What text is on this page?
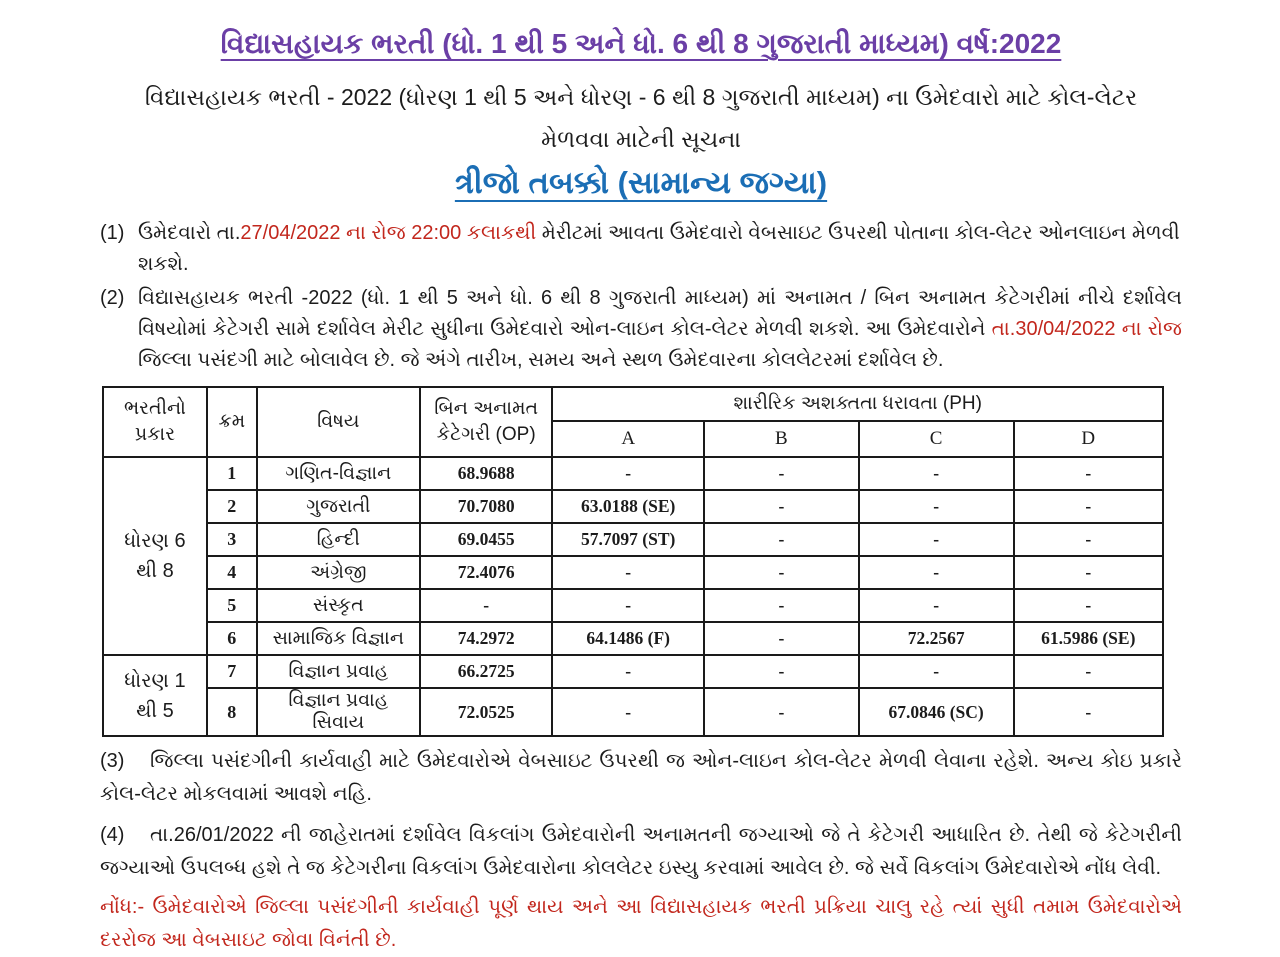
વિદ્યાસહાયક ભરતી (ધો. 1 થી 5 અને ધો. 6 થી 8 ગુજરાતી માધ્યમ) વર્ષ:2022
વિદ્યાસહાયક ભરતી - 2022 (ધોરણ 1 થી 5 અને ધોરણ - 6 થી 8 ગુજરાતી માધ્યમ) ના ઉમેદવારો માટે કોલ-લેટર
મેળવવા માટેની સૂચના
ત્રીજો તબક્કો (સામાન્ય જગ્યા)

(1) ઉમેદવારો તા.27/04/2022 ના રોજ 22:00 કલાકથી મેરીટમાં આવતા ઉમેદવારો વેબસાઇટ ઉપરથી પોતાના કોલ-લેટર ઓનલાઇન મેળવી શકશે.

(2) વિદ્યાસહાયક ભરતી -2022 (ધો. 1 થી 5 અને ધો. 6 થી 8 ગુજરાતી માધ્યમ) માં અનામત / બિન અનામત કેટેગરીમાં નીચે દર્શાવેલ વિષયોમાં કેટેગરી સામે દર્શાવેલ મેરીટ સુધીના ઉમેદવારો ઓન-લાઇન કોલ-લેટર મેળવી શકશે. આ ઉમેદવારોને તા.30/04/2022 ના રોજ જિલ્લા પસંદગી માટે બોલાવેલ છે. જે અંગે તારીખ, સમય અને સ્થળ ઉમેદવારના કોલલેટરમાં દર્શાવેલ છે.

ભરતીનો પ્રકાર	ક્રમ	વિષય	બિન અનામત કેટેગરી (OP)	શારીરિક અશક્તતા ધરાવતા (PH)			
				A	B	C	D
ધોરણ 6 થી 8	1	ગણિત-વિજ્ઞાન	68.9688	-	-	-	-
	2	ગુજરાતી	70.7080	63.0188 (SE)	-	-	-
	3	હિન્દી	69.0455	57.7097 (ST)	-	-	-
	4	અંગ્રેજી	72.4076	-	-	-	-
	5	સંસ્કૃત	-	-	-	-	-
	6	સામાજિક વિજ્ઞાન	74.2972	64.1486 (F)	-	72.2567	61.5986 (SE)
ધોરણ 1 થી 5	7	વિજ્ઞાન પ્રવાહ	66.2725	-	-	-	-
	8	વિજ્ઞાન પ્રવાહ સિવાય	72.0525	-	-	67.0846 (SC)	-

(3) જિલ્લા પસંદગીની કાર્યવાહી માટે ઉમેદવારોએ વેબસાઇટ ઉપરથી જ ઓન-લાઇન કોલ-લેટર મેળવી લેવાના રહેશે. અન્ય કોઇ પ્રકારે કોલ-લેટર મોકલવામાં આવશે નહિ.

(4) તા.26/01/2022 ની જાહેરાતમાં દર્શાવેલ વિકલાંગ ઉમેદવારોની અનામતની જગ્યાઓ જે તે કેટેગરી આધારિત છે. તેથી જે કેટેગરીની જગ્યાઓ ઉપલબ્ધ હશે તે જ કેટેગરીના વિકલાંગ ઉમેદવારોના કોલલેટર ઇસ્યુ કરવામાં આવેલ છે. જે સર્વે વિકલાંગ ઉમેદવારોએ નોંધ લેવી.

નોંધ:- ઉમેદવારોએ જિલ્લા પસંદગીની કાર્યવાહી પૂર્ણ થાય અને આ વિદ્યાસહાયક ભરતી પ્રક્રિયા ચાલુ રહે ત્યાં સુધી તમામ ઉમેદવારોએ દરરોજ આ વેબસાઇટ જોવા વિનંતી છે.
